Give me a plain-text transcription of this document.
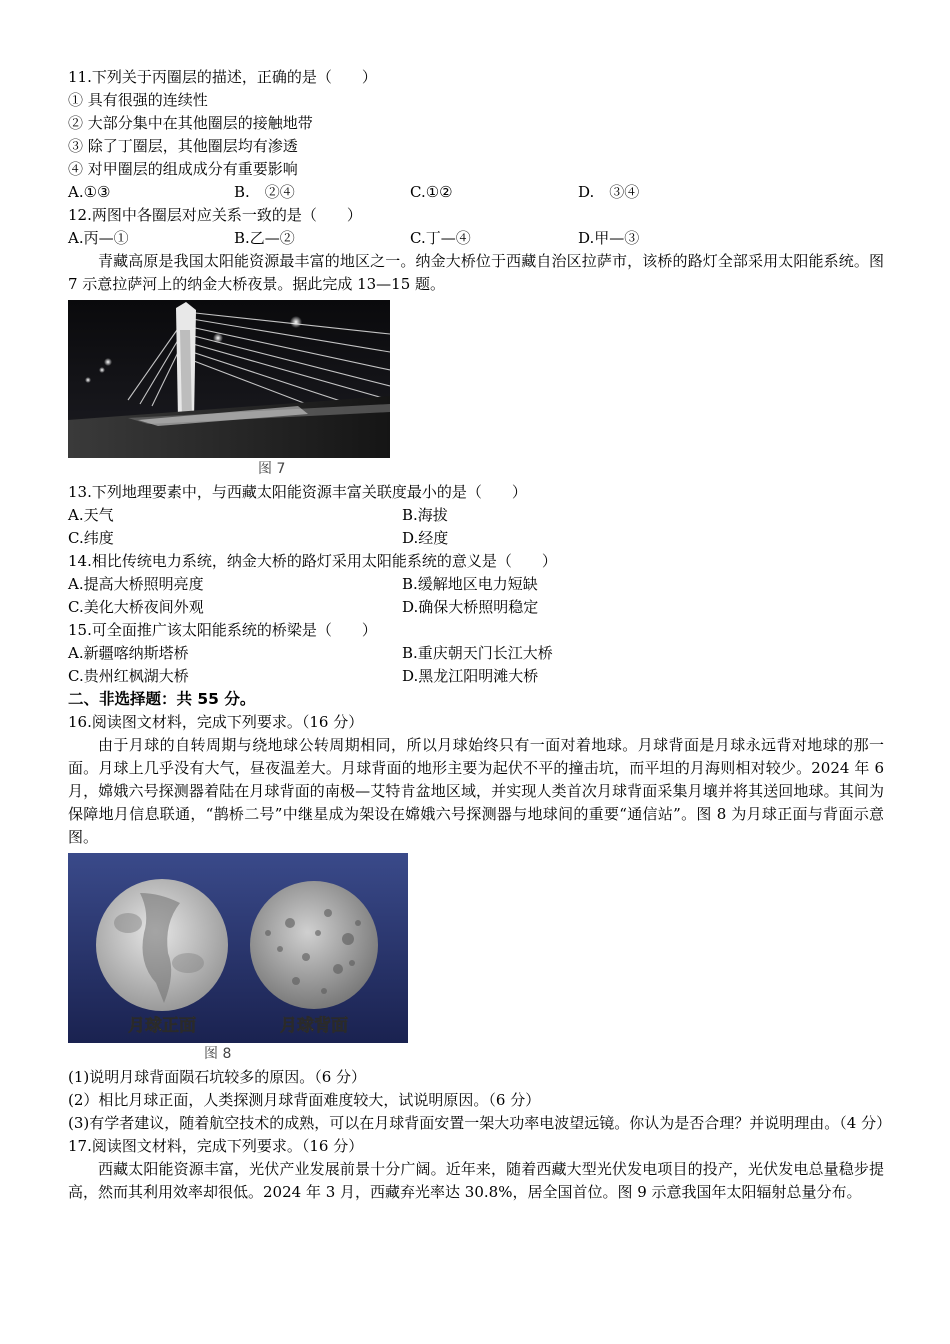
11.下列关于丙圈层的描述，正确的是（　　）
① 具有很强的连续性
② 大部分集中在其他圈层的接触地带
③ 除了丁圈层，其他圈层均有渗透
④ 对甲圈层的组成成分有重要影响
A.①③	B.　②④	C.①②	D.　③④
12.两图中各圈层对应关系一致的是（　　）
A.丙—①	B.乙—②	C.丁—④	D.甲—③
青藏高原是我国太阳能资源最丰富的地区之一。纳金大桥位于西藏自治区拉萨市，该桥的路灯全部采用太阳能系统。图 7 示意拉萨河上的纳金大桥夜景。据此完成 13—15 题。
图 7
13.下列地理要素中，与西藏太阳能资源丰富关联度最小的是（　　）
A.天气	B.海拔
C.纬度	D.经度
14.相比传统电力系统，纳金大桥的路灯采用太阳能系统的意义是（　　）
A.提高大桥照明亮度	B.缓解地区电力短缺
C.美化大桥夜间外观	D.确保大桥照明稳定
15.可全面推广该太阳能系统的桥梁是（　　）
A.新疆喀纳斯塔桥	B.重庆朝天门长江大桥
C.贵州红枫湖大桥	D.黑龙江阳明滩大桥
二、非选择题：共 55 分。
16.阅读图文材料，完成下列要求。（16 分）
由于月球的自转周期与绕地球公转周期相同，所以月球始终只有一面对着地球。月球背面是月球永远背对地球的那一面。月球上几乎没有大气，昼夜温差大。月球背面的地形主要为起伏不平的撞击坑，而平坦的月海则相对较少。2024 年 6 月，嫦娥六号探测器着陆在月球背面的南极—艾特肯盆地区域，并实现人类首次月球背面采集月壤并将其送回地球。其间为保障地月信息联通，“鹊桥二号”中继星成为架设在嫦娥六号探测器与地球间的重要“通信站”。图 8 为月球正面与背面示意图。
月球正面	月球背面
图 8
(1)说明月球背面陨石坑较多的原因。（6 分）
(2）相比月球正面，人类探测月球背面难度较大，试说明原因。（6 分）
(3)有学者建议，随着航空技术的成熟，可以在月球背面安置一架大功率电波望远镜。你认为是否合理？并说明理由。（4 分）
17.阅读图文材料，完成下列要求。（16 分）
西藏太阳能资源丰富，光伏产业发展前景十分广阔。近年来，随着西藏大型光伏发电项目的投产，光伏发电总量稳步提高，然而其利用效率却很低。2024 年 3 月，西藏弃光率达 30.8%，居全国首位。图 9 示意我国年太阳辐射总量分布。
